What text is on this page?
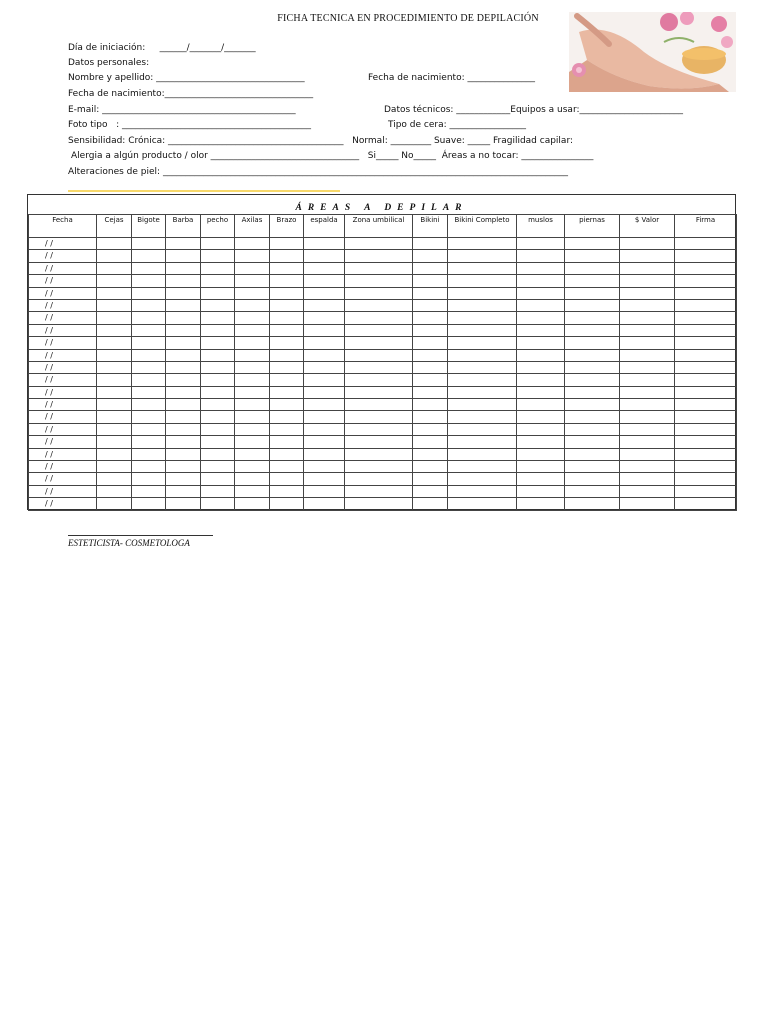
FICHA TECNICA EN PROCEDIMIENTO DE DEPILACIÓN
Día de iniciación:     ______/_______/_______
Datos personales:
Nombre y apellido: _________________________________	Fecha de nacimiento: _______________
Fecha de nacimiento:_________________________________
E-mail: ___________________________________________	Datos técnicos: ____________Equipos a usar:_______________________
Foto tipo   : __________________________________________	Tipo de cera: _________________
Sensibilidad: Crónica: _______________________________________   Normal: _________ Suave: _____ Fragilidad capilar:
Alergia a algún producto / olor _________________________________   Si_____ No_____  Áreas a no tocar: ________________
Alteraciones de piel: __________________________________________________________________________________________
ÁREAS A DEPILAR
Fecha	Cejas	Bigote	Barba	pecho	Axilas	Brazo	espalda	Zona umbilical	Bikini	Bikini Completo	muslos	piernas	$ Valor	Firma
/ /														
/ /														
/ /														
/ /														
/ /														
/ /														
/ /														
/ /														
/ /														
/ /														
/ /														
/ /														
/ /														
/ /														
/ /														
/ /														
/ /														
/ /														
/ /														
/ /														
/ /														
/ /														
ESTETICISTA- COSMETOLOGA
